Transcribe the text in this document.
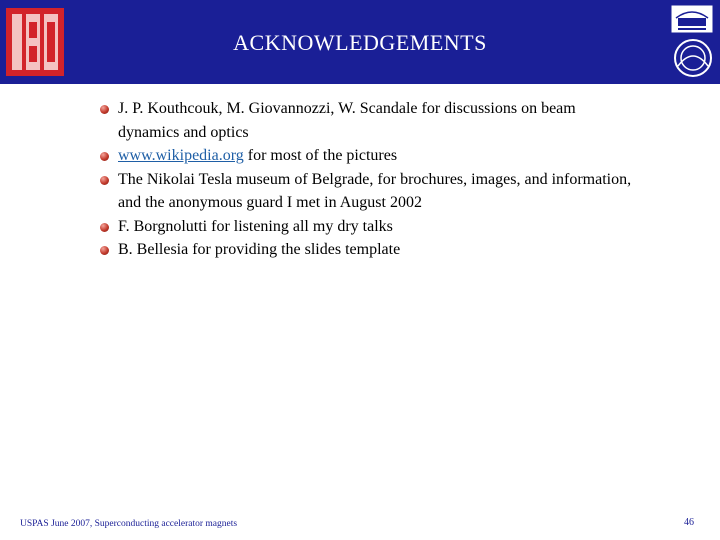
ACKNOWLEDGEMENTS
J. P. Kouthcouk, M. Giovannozzi, W. Scandale for discussions on beam
dynamics and optics
www.wikipedia.org for most of the pictures
The Nikolai Tesla museum of Belgrade, for brochures, images, and information,
and the anonymous guard I met in August 2002
F. Borgnolutti for listening all my dry talks
B. Bellesia for providing the slides template
USPAS June 2007, Superconducting accelerator magnets	46
